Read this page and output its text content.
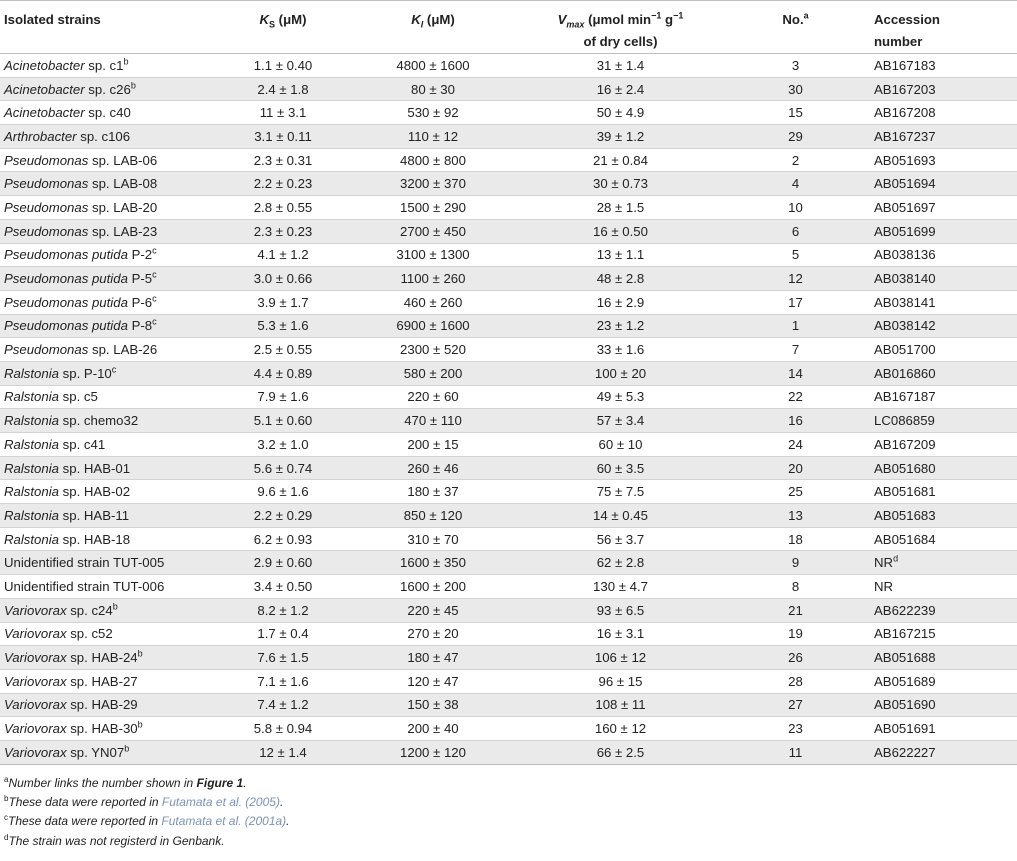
Isolated strains	$K_S$ (μM)	$K_I$ (μM)	$V_{max}$ (μmol $\min^{-1} g^{-1}$
of dry cells)	No.$^a$	Accession
number
Acinetobacter sp. c1$^b$	1.1 ± 0.40	4800 ± 1600	31 ± 1.4	3	AB167183
Acinetobacter sp. c26$^b$	2.4 ± 1.8	80 ± 30	16 ± 2.4	30	AB167203
Acinetobacter sp. c40	11 ± 3.1	530 ± 92	50 ± 4.9	15	AB167208
Arthrobacter sp. c106	3.1 ± 0.11	110 ± 12	39 ± 1.2	29	AB167237
Pseudomonas sp. LAB-06	2.3 ± 0.31	4800 ± 800	21 ± 0.84	2	AB051693
Pseudomonas sp. LAB-08	2.2 ± 0.23	3200 ± 370	30 ± 0.73	4	AB051694
Pseudomonas sp. LAB-20	2.8 ± 0.55	1500 ± 290	28 ± 1.5	10	AB051697
Pseudomonas sp. LAB-23	2.3 ± 0.23	2700 ± 450	16 ± 0.50	6	AB051699
Pseudomonas putida P-2$^c$	4.1 ± 1.2	3100 ± 1300	13 ± 1.1	5	AB038136
Pseudomonas putida P-5$^c$	3.0 ± 0.66	1100 ± 260	48 ± 2.8	12	AB038140
Pseudomonas putida P-6$^c$	3.9 ± 1.7	460 ± 260	16 ± 2.9	17	AB038141
Pseudomonas putida P-8$^c$	5.3 ± 1.6	6900 ± 1600	23 ± 1.2	1	AB038142
Pseudomonas sp. LAB-26	2.5 ± 0.55	2300 ± 520	33 ± 1.6	7	AB051700
Ralstonia sp. P-10$^c$	4.4 ± 0.89	580 ± 200	100 ± 20	14	AB016860
Ralstonia sp. c5	7.9 ± 1.6	220 ± 60	49 ± 5.3	22	AB167187
Ralstonia sp. chemo32	5.1 ± 0.60	470 ± 110	57 ± 3.4	16	LC086859
Ralstonia sp. c41	3.2 ± 1.0	200 ± 15	60 ± 10	24	AB167209
Ralstonia sp. HAB-01	5.6 ± 0.74	260 ± 46	60 ± 3.5	20	AB051680
Ralstonia sp. HAB-02	9.6 ± 1.6	180 ± 37	75 ± 7.5	25	AB051681
Ralstonia sp. HAB-11	2.2 ± 0.29	850 ± 120	14 ± 0.45	13	AB051683
Ralstonia sp. HAB-18	6.2 ± 0.93	310 ± 70	56 ± 3.7	18	AB051684
Unidentified strain TUT-005	2.9 ± 0.60	1600 ± 350	62 ± 2.8	9	$NR^d$
Unidentified strain TUT-006	3.4 ± 0.50	1600 ± 200	130 ± 4.7	8	NR
Variovorax sp. c24$^b$	8.2 ± 1.2	220 ± 45	93 ± 6.5	21	AB622239
Variovorax sp. c52	1.7 ± 0.4	270 ± 20	16 ± 3.1	19	AB167215
Variovorax sp. HAB-24$^b$	7.6 ± 1.5	180 ± 47	106 ± 12	26	AB051688
Variovorax sp. HAB-27	7.1 ± 1.6	120 ± 47	96 ± 15	28	AB051689
Variovorax sp. HAB-29	7.4 ± 1.2	150 ± 38	108 ± 11	27	AB051690
Variovorax sp. HAB-30$^b$	5.8 ± 0.94	200 ± 40	160 ± 12	23	AB051691
Variovorax sp. YN07$^b$	12 ± 1.4	1200 ± 120	66 ± 2.5	11	AB622227

$^a$Number links the number shown in Figure 1.

$^b$These data were reported in Futamata et al. (2005).

$^c$These data were reported in Futamata et al. (2001a).

$^d$The strain was not registerd in Genbank.
